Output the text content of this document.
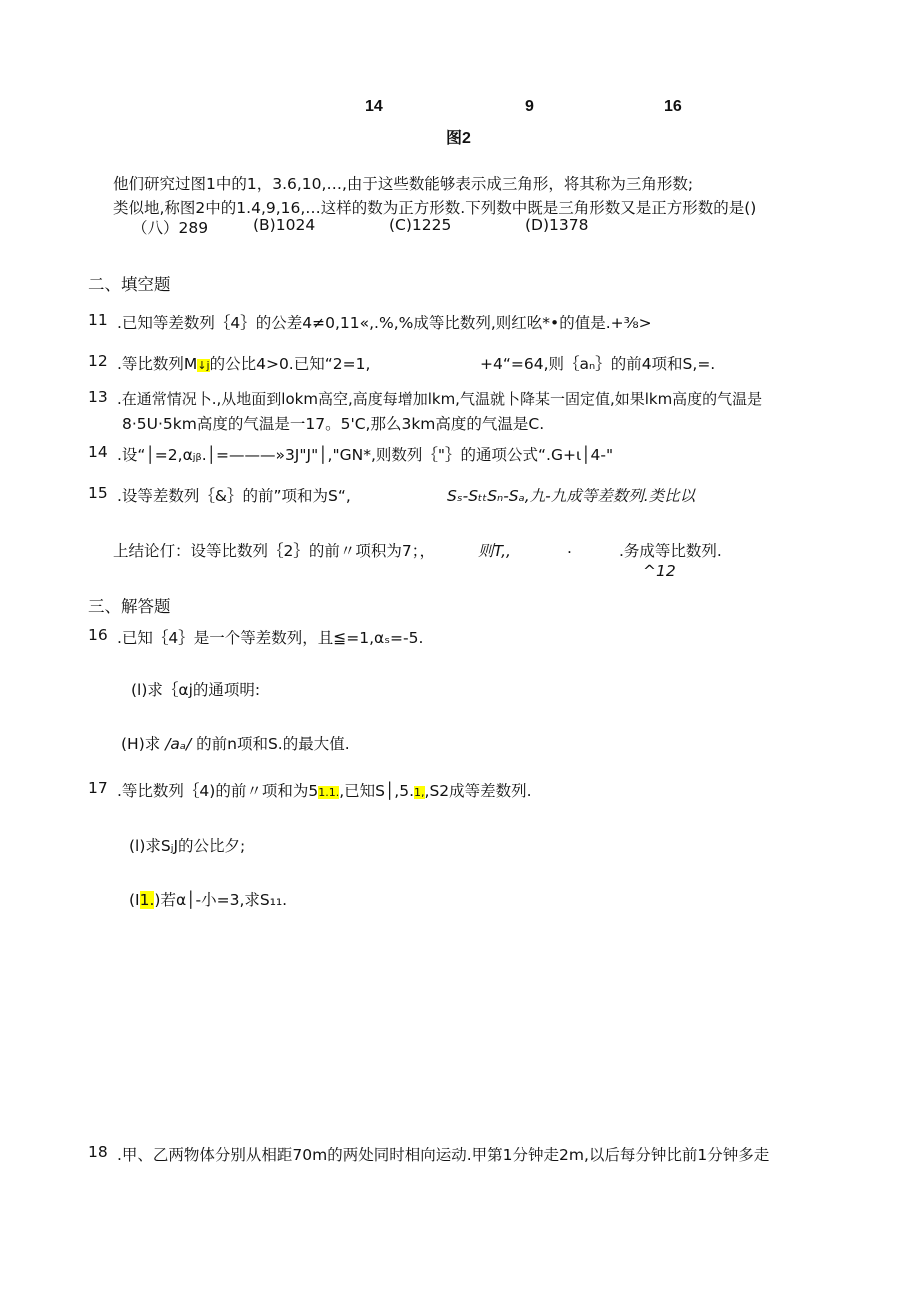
14	9	16
图2
他们研究过图1中的1，3.6,10,…,由于这些数能够表示成三角形，将其称为三角形数;
类似地,称图2中的1.4,9,16,…这样的数为正方形数.下列数中既是三角形数又是正方形数的是()
（八）289	(B)1024	(C)1225	(D)1378
二、填空题
11 .已知等差数列｛4｝的公差4≠0,11«,.%,%成等比数列,则红吆*•的值是.+⅜>
12 .等比数列M↓j的公比4>0.已知“2=1,	+4“=64,则｛aₙ｝的前4项和S,=.
13 .在通常情况卜.,从地面到lokm高空,高度每增加lkm,气温就卜降某一固定值,如果lkm高度的气温是
8·5U·5km高度的气温是一17。5'C,那么3km高度的气温是C.
14 .设“│=2,αⱼᵦ.│=———»3J"J"│,"GN*,则数列｛"｝的通项公式“.G+ι│4-"
15 .设等差数列｛&｝的前”项和为S“,	Sₛ-SₜₜSₙ-Sₐ,九-九成等差数列.类比以
上结论仃：设等比数列｛2｝的前〃项积为7；，	则T,,	.	.务成等比数列.
^12
三、解答题
16 .已知｛4｝是一个等差数列，且≦=1,αₛ=-5.
(l)求｛αj的通项明:
(H)求 /aₐ/ 的前n项和S.的最大值.
17 .等比数列｛4)的前〃项和为51.1.,已知S│,5.1,,S2成等差数列.
(l)求SⱼJ的公比夕;
(I1.)若α│-小=3,求S₁₁.
18 .甲、乙两物体分别从相距70m的两处同时相向运动.甲第1分钟走2m,以后每分钟比前1分钟多走
